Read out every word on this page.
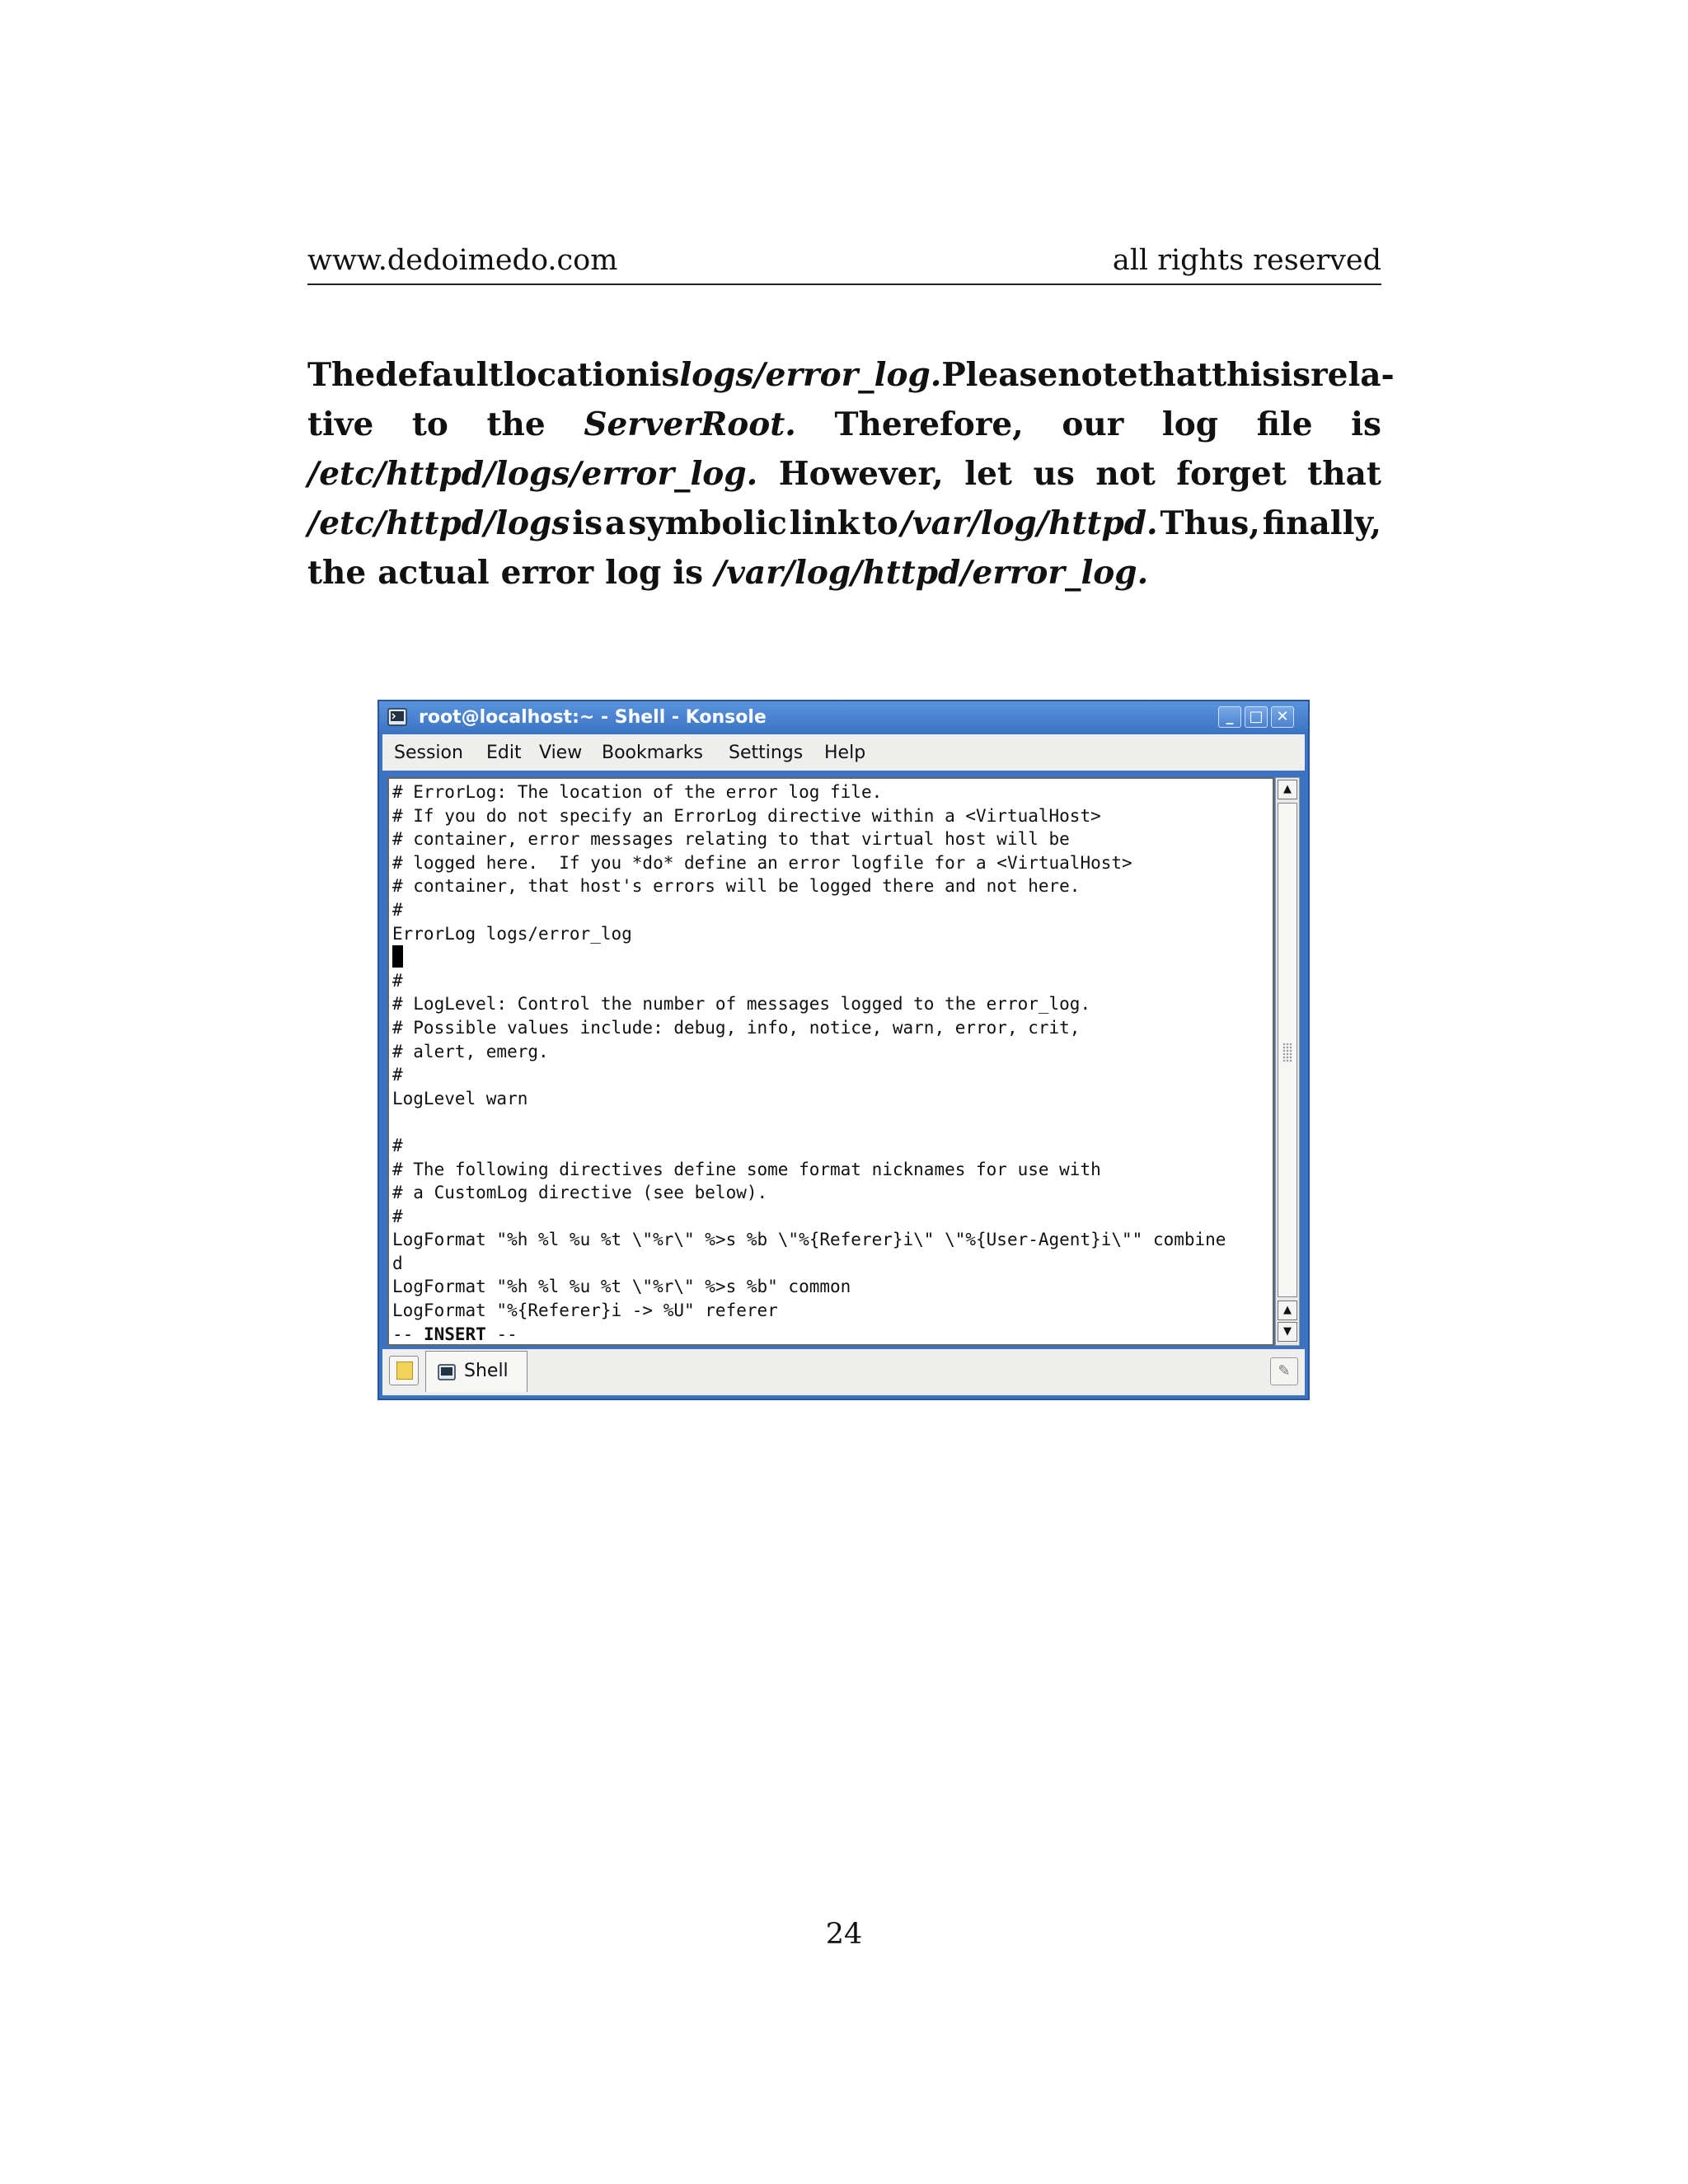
www.dedoimedo.com	all rights reserved
The default location is logs/error_log. Please note that this is rela-
tive to the ServerRoot. Therefore, our log file is
/etc/httpd/logs/error_log. However, let us not forget that
/etc/httpd/logs is a symbolic link to /var/log/httpd. Thus, finally,
the actual error log is /var/log/httpd/error_log.
root@localhost:~ - Shell - Konsole	_	□ ✕
Session Edit View Bookmarks Settings Help
# ErrorLog: The location of the error log file.
# If you do not specify an ErrorLog directive within a <VirtualHost>
# container, error messages relating to that virtual host will be
# logged here.  If you *do* define an error logfile for a <VirtualHost>
# container, that host's errors will be logged there and not here.
#
ErrorLog logs/error_log
#
# LogLevel: Control the number of messages logged to the error_log.
# Possible values include: debug, info, notice, warn, error, crit,
# alert, emerg.
#
LogLevel warn

#
# The following directives define some format nicknames for use with
# a CustomLog directive (see below).
#
LogFormat "%h %l %u %t \"%r\" %>s %b \"%{Referer}i\" \"%{User-Agent}i\"" combine
d
LogFormat "%h %l %u %t \"%r\" %>s %b" common
LogFormat "%{Referer}i -> %U" referer
-- INSERT --
▲
▲
▼
Shell	✎
24
